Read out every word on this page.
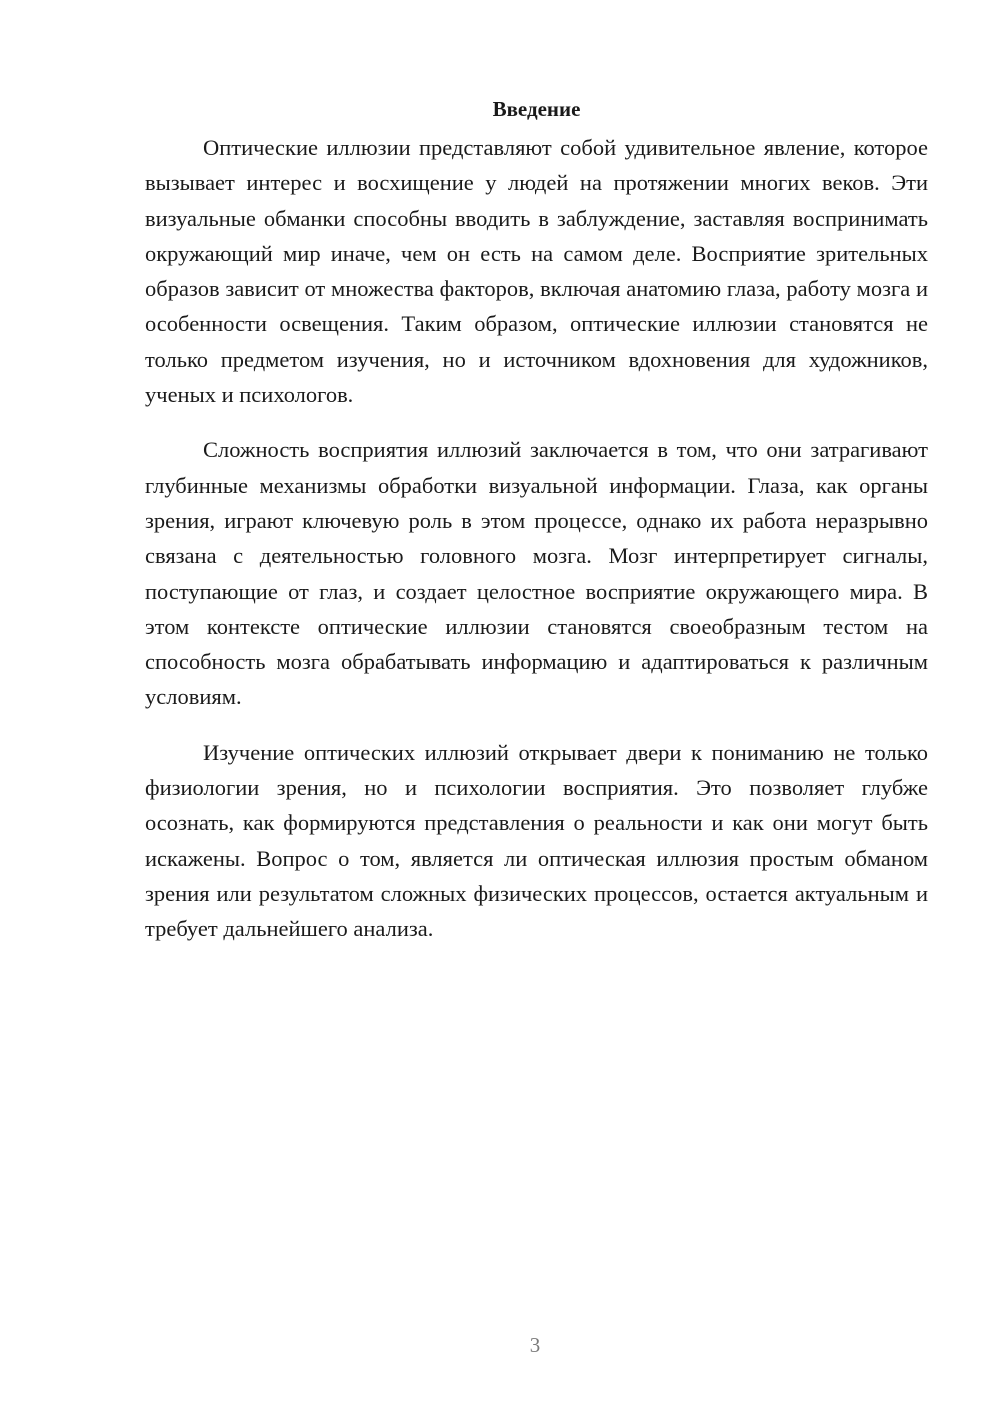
Введение

Оптические иллюзии представляют собой удивительное явление, которое вызывает интерес и восхищение у людей на протяжении многих веков. Эти визуальные обманки способны вводить в заблуждение, заставляя воспринимать окружающий мир иначе, чем он есть на самом деле. Восприятие зрительных образов зависит от множества факторов, включая анатомию глаза, работу мозга и особенности освещения. Таким образом, оптические иллюзии становятся не только предметом изучения, но и источником вдохновения для художников, ученых и психологов.

Сложность восприятия иллюзий заключается в том, что они затрагивают глубинные механизмы обработки визуальной информации. Глаза, как органы зрения, играют ключевую роль в этом процессе, однако их работа неразрывно связана с деятельностью головного мозга. Мозг интерпретирует сигналы, поступающие от глаз, и создает целостное восприятие окружающего мира. В этом контексте оптические иллюзии становятся своеобразным тестом на способность мозга обрабатывать информацию и адаптироваться к различным условиям.

Изучение оптических иллюзий открывает двери к пониманию не только физиологии зрения, но и психологии восприятия. Это позволяет глубже осознать, как формируются представления о реальности и как они могут быть искажены. Вопрос о том, является ли оптическая иллюзия простым обманом зрения или результатом сложных физических процессов, остается актуальным и требует дальнейшего анализа.

3
